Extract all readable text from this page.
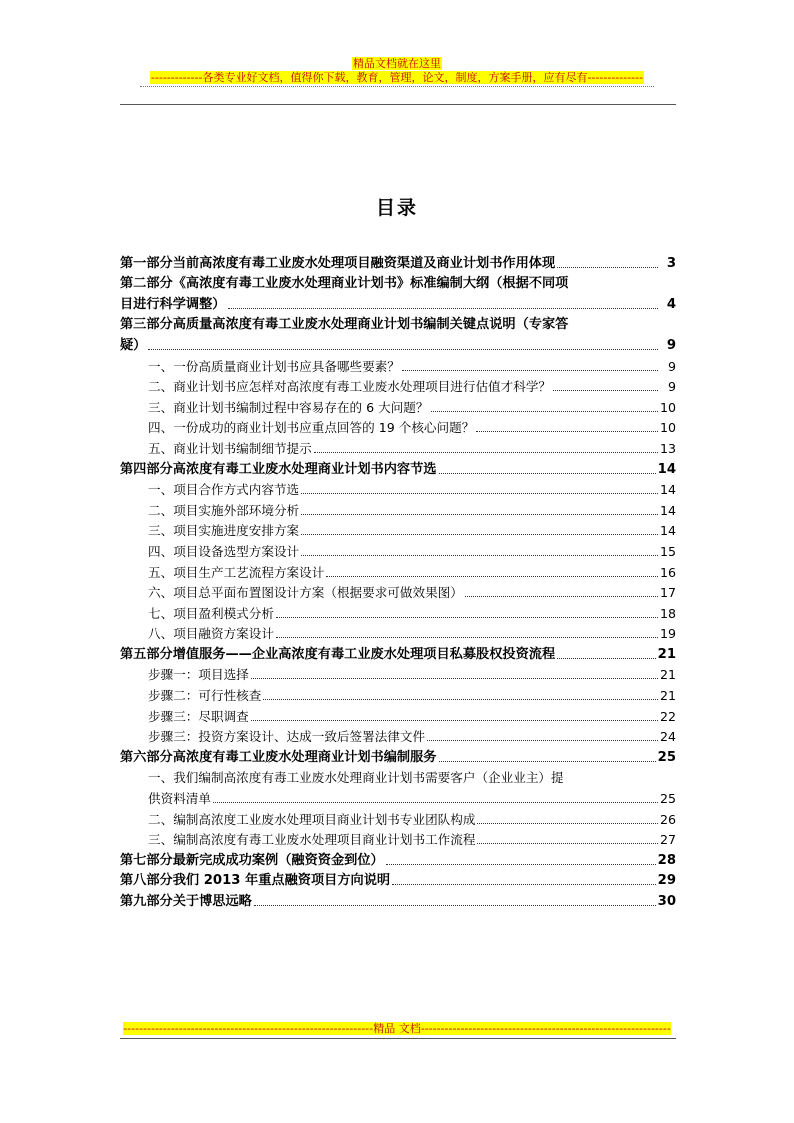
精品文档就在这里
-------------各类专业好文档，值得你下载，教育，管理，论文，制度，方案手册，应有尽有--------------
目录
第一部分当前高浓度有毒工业废水处理项目融资渠道及商业计划书作用体现	3
第二部分《高浓度有毒工业废水处理商业计划书》标准编制大纲（根据不同项
目进行科学调整）	4
第三部分高质量高浓度有毒工业废水处理商业计划书编制关键点说明（专家答
疑）	9
一、一份高质量商业计划书应具备哪些要素？	9
二、商业计划书应怎样对高浓度有毒工业废水处理项目进行估值才科学？	9
三、商业计划书编制过程中容易存在的 6 大问题？	10
四、一份成功的商业计划书应重点回答的 19 个核心问题？	10
五、商业计划书编制细节提示	13
第四部分高浓度有毒工业废水处理商业计划书内容节选	14
一、项目合作方式内容节选	14
二、项目实施外部环境分析	14
三、项目实施进度安排方案	14
四、项目设备选型方案设计	15
五、项目生产工艺流程方案设计	16
六、项目总平面布置图设计方案（根据要求可做效果图）	17
七、项目盈利模式分析	18
八、项目融资方案设计	19
第五部分增值服务——企业高浓度有毒工业废水处理项目私募股权投资流程	21
步骤一：项目选择	21
步骤二：可行性核查	21
步骤三：尽职调查	22
步骤三：投资方案设计、达成一致后签署法律文件	24
第六部分高浓度有毒工业废水处理商业计划书编制服务	25
一、我们编制高浓度有毒工业废水处理商业计划书需要客户（企业业主）提
供资料清单	25
二、编制高浓度工业废水处理项目商业计划书专业团队构成	26
三、编制高浓度有毒工业废水处理项目商业计划书工作流程	27
第七部分最新完成成功案例（融资资金到位）	28
第八部分我们 2013 年重点融资项目方向说明	29
第九部分关于博思远略	30
---------------------------------------------------------------精品 文档---------------------------------------------------------------
